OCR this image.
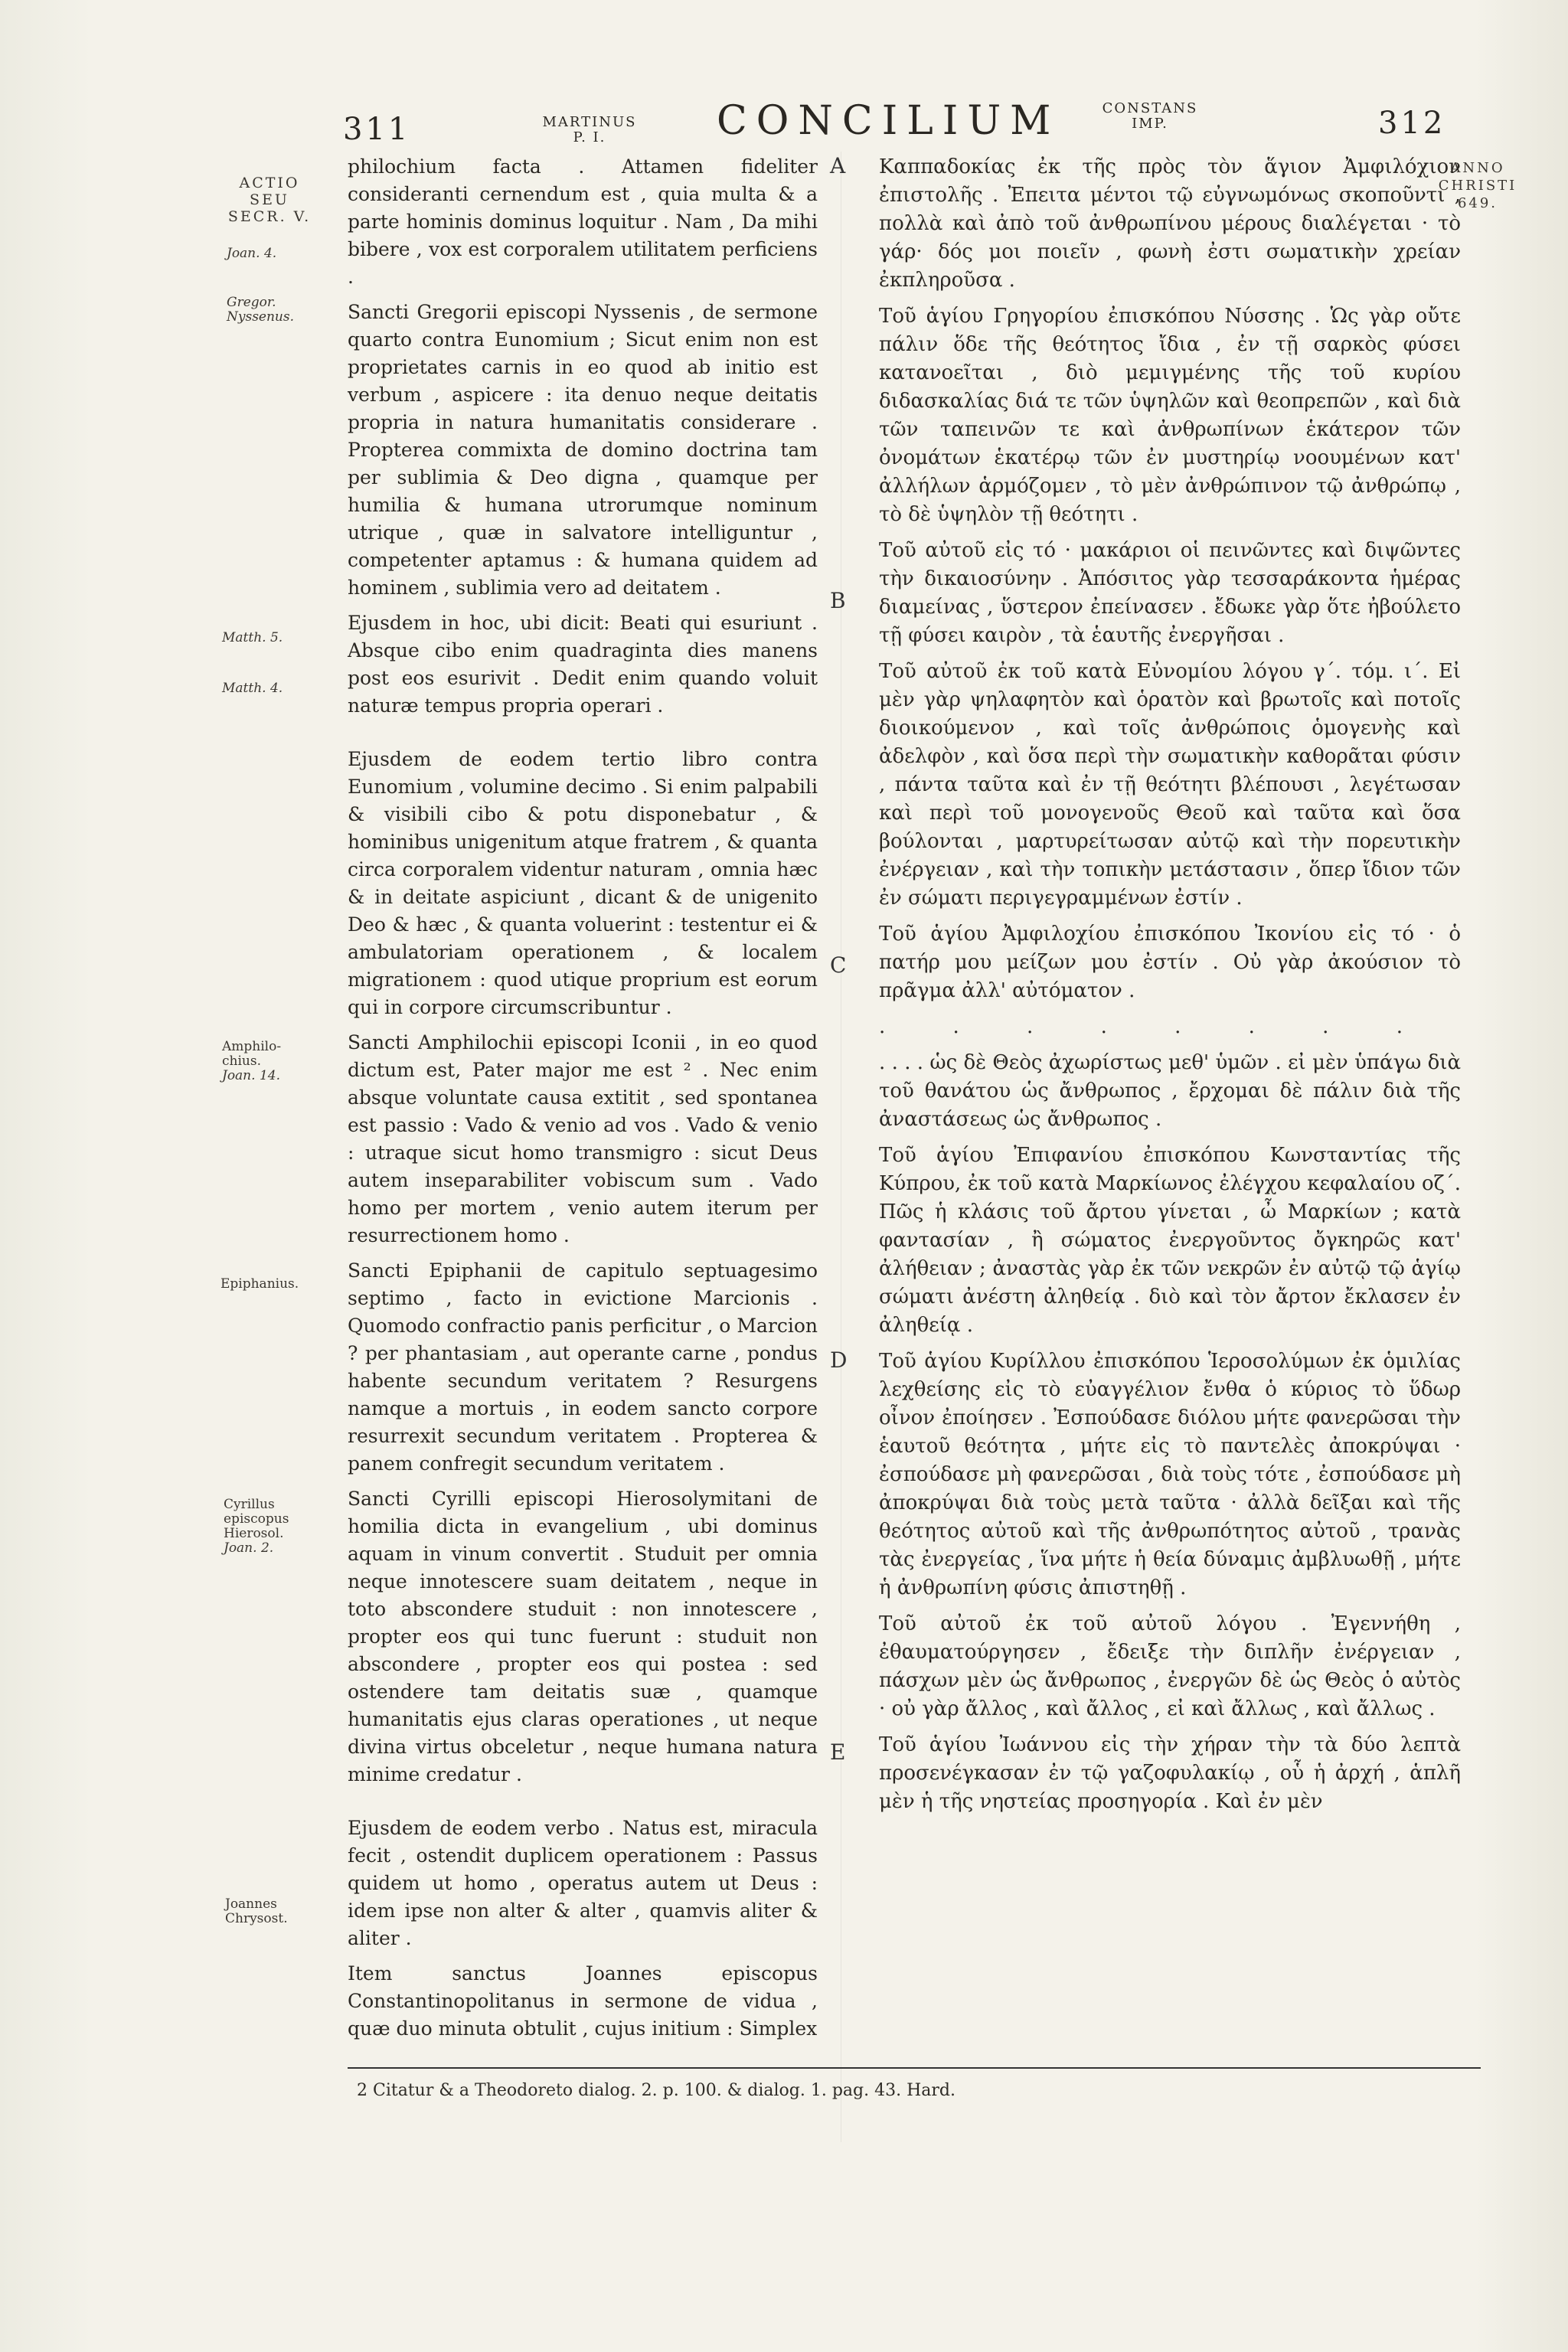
311	MARTINUS
P. I.	CONCILIUM	CONSTANS
IMP.	312
ACTIO
SEU
SECR. V.
Joan. 4.
Gregor.
Nyssenus.
Matth. 5.
Matth. 4.
Amphilo-
chius.
Joan. 14.
Epiphanius.
Cyrillus
episcopus
Hierosol.
Joan. 2.
Joannes
Chrysost.
ANNO
CHRISTI
649.
A
B
C
D
E

philochium facta . Attamen fideliter consideranti cernendum est , quia multa & a parte hominis dominus loquitur . Nam , Da mihi bibere , vox est corporalem utilitatem perficiens .

Sancti Gregorii episcopi Nyssenis , de sermone quarto contra Eunomium ; Sicut enim non est proprietates carnis in eo quod ab initio est verbum , aspicere : ita denuo neque deitatis propria in natura humanitatis considerare . Propterea commixta de domino doctrina tam per sublimia & Deo digna , quamque per humilia & humana utrorumque nominum utrique , quæ in salvatore intelliguntur , competenter aptamus : & humana quidem ad hominem , sublimia vero ad deitatem .

Ejusdem in hoc, ubi dicit: Beati qui esuriunt . Absque cibo enim quadraginta dies manens post eos esurivit . Dedit enim quando voluit naturæ tempus propria operari .

Ejusdem de eodem tertio libro contra Eunomium , volumine decimo . Si enim palpabili & visibili cibo & potu disponebatur , & hominibus unigenitum atque fratrem , & quanta circa corporalem videntur naturam , omnia hæc & in deitate aspiciunt , dicant & de unigenito Deo & hæc , & quanta voluerint : testentur ei & ambulatoriam operationem , & localem migrationem : quod utique proprium est eorum qui in corpore circumscribuntur .

Sancti Amphilochii episcopi Iconii , in eo quod dictum est, Pater major me est ² . Nec enim absque voluntate causa extitit , sed spontanea est passio : Vado & venio ad vos . Vado & venio : utraque sicut homo transmigro : sicut Deus autem inseparabiliter vobiscum sum . Vado homo per mortem , venio autem iterum per resurrectionem homo .

Sancti Epiphanii de capitulo septuagesimo septimo , facto in evictione Marcionis . Quomodo confractio panis perficitur , o Marcion ? per phantasiam , aut operante carne , pondus habente secundum veritatem ? Resurgens namque a mortuis , in eodem sancto corpore resurrexit secundum veritatem . Propterea & panem confregit secundum veritatem .

Sancti Cyrilli episcopi Hierosolymitani de homilia dicta in evangelium , ubi dominus aquam in vinum convertit . Studuit per omnia neque innotescere suam deitatem , neque in toto abscondere studuit : non innotescere , propter eos qui tunc fuerunt : studuit non abscondere , propter eos qui postea : sed ostendere tam deitatis suæ , quamque humanitatis ejus claras operationes , ut neque divina virtus obceletur , neque humana natura minime credatur .

Ejusdem de eodem verbo . Natus est, miracula fecit , ostendit duplicem operationem : Passus quidem ut homo , operatus autem ut Deus : idem ipse non alter & alter , quamvis aliter & aliter .

Item sanctus Joannes episcopus Constantinopolitanus in sermone de vidua , quæ duo minuta obtulit , cujus initium : Simplex

Καππαδοκίας ἐκ τῆς πρὸς τὸν ἅγιον Ἀμφιλόχιον ἐπιστολῆς . Ἐπειτα μέντοι τῷ εὐγνωμόνως σκοποῦντι , πολλὰ καὶ ἀπὸ τοῦ ἀνθρωπίνου μέρους διαλέγεται · τὸ γάρ· δός μοι ποιεῖν , φωνὴ ἐστι σωματικὴν χρείαν ἐκπληροῦσα .

Τοῦ ἁγίου Γρηγορίου ἐπισκόπου Νύσσης . Ὡς γὰρ οὔτε πάλιν ὅδε τῆς θεότητος ἴδια , ἐν τῇ σαρκὸς φύσει κατανοεῖται , διὸ μεμιγμένης τῆς τοῦ κυρίου διδασκαλίας διά τε τῶν ὑψηλῶν καὶ θεοπρεπῶν , καὶ διὰ τῶν ταπεινῶν τε καὶ ἀνθρωπίνων ἑκάτερον τῶν ὀνομάτων ἑκατέρῳ τῶν ἐν μυστηρίῳ νοουμένων κατ' ἀλλήλων ἁρμόζομεν , τὸ μὲν ἀνθρώπινον τῷ ἀνθρώπῳ , τὸ δὲ ὑψηλὸν τῇ θεότητι .

Τοῦ αὐτοῦ εἰς τό · μακάριοι οἱ πεινῶντες καὶ διψῶντες τὴν δικαιοσύνην . Ἀπόσιτος γὰρ τεσσαράκοντα ἡμέρας διαμείνας , ὕστερον ἐπείνασεν . ἔδωκε γὰρ ὅτε ἠβούλετο τῇ φύσει καιρὸν , τὰ ἑαυτῆς ἐνεργῆσαι .

Τοῦ αὐτοῦ ἐκ τοῦ κατὰ Εὐνομίου λόγου γ΄. τόμ. ι΄. Εἰ μὲν γὰρ ψηλαφητὸν καὶ ὁρατὸν καὶ βρωτοῖς καὶ ποτοῖς διοικούμενον , καὶ τοῖς ἀνθρώποις ὁμογενὴς καὶ ἀδελφὸν , καὶ ὅσα περὶ τὴν σωματικὴν καθορᾶται φύσιν , πάντα ταῦτα καὶ ἐν τῇ θεότητι βλέπουσι , λεγέτωσαν καὶ περὶ τοῦ μονογενοῦς Θεοῦ καὶ ταῦτα καὶ ὅσα βούλονται , μαρτυρείτωσαν αὐτῷ καὶ τὴν πορευτικὴν ἐνέργειαν , καὶ τὴν τοπικὴν μετάστασιν , ὅπερ ἴδιον τῶν ἐν σώματι περιγεγραμμένων ἐστίν .

Τοῦ ἁγίου Ἀμφιλοχίου ἐπισκόπου Ἰκονίου εἰς τό · ὁ πατήρ μου μείζων μου ἐστίν . Οὐ γὰρ ἀκούσιον τὸ πρᾶγμα ἀλλ' αὐτόματον .

. . . . . . . .

. . . . ὡς δὲ Θεὸς ἀχωρίστως μεθ' ὑμῶν . εἰ μὲν ὑπάγω διὰ τοῦ θανάτου ὡς ἄνθρωπος , ἔρχομαι δὲ πάλιν διὰ τῆς ἀναστάσεως ὡς ἄνθρωπος .

Τοῦ ἁγίου Ἐπιφανίου ἐπισκόπου Κωνσταντίας τῆς Κύπρου, ἐκ τοῦ κατὰ Μαρκίωνος ἐλέγχου κεφαλαίου οζ΄. Πῶς ἡ κλάσις τοῦ ἄρτου γίνεται , ὦ Μαρκίων ; κατὰ φαντασίαν , ἢ σώματος ἐνεργοῦντος ὄγκηρῶς κατ' ἀλήθειαν ; ἀναστὰς γὰρ ἐκ τῶν νεκρῶν ἐν αὐτῷ τῷ ἁγίῳ σώματι ἀνέστη ἀληθείᾳ . διὸ καὶ τὸν ἄρτον ἔκλασεν ἐν ἀληθείᾳ .

Τοῦ ἁγίου Κυρίλλου ἐπισκόπου Ἱεροσολύμων ἐκ ὁμιλίας λεχθείσης εἰς τὸ εὐαγγέλιον ἔνθα ὁ κύριος τὸ ὕδωρ οἶνον ἐποίησεν . Ἐσπούδασε διόλου μήτε φανερῶσαι τὴν ἑαυτοῦ θεότητα , μήτε εἰς τὸ παντελὲς ἀποκρύψαι · ἐσπούδασε μὴ φανερῶσαι , διὰ τοὺς τότε , ἐσπούδασε μὴ ἀποκρύψαι διὰ τοὺς μετὰ ταῦτα · ἀλλὰ δεῖξαι καὶ τῆς θεότητος αὐτοῦ καὶ τῆς ἀνθρωπότητος αὐτοῦ , τρανὰς τὰς ἐνεργείας , ἵνα μήτε ἡ θεία δύναμις ἀμβλυωθῇ , μήτε ἡ ἀνθρωπίνη φύσις ἀπιστηθῇ .

Τοῦ αὐτοῦ ἐκ τοῦ αὐτοῦ λόγου . Ἐγεννήθη , ἐθαυματούργησεν , ἔδειξε τὴν διπλῆν ἐνέργειαν , πάσχων μὲν ὡς ἄνθρωπος , ἐνεργῶν δὲ ὡς Θεὸς ὁ αὐτὸς · οὐ γὰρ ἄλλος , καὶ ἄλλος , εἰ καὶ ἄλλως , καὶ ἄλλως .

Τοῦ ἁγίου Ἰωάννου εἰς τὴν χήραν τὴν τὰ δύο λεπτὰ προσενέγκασαν ἐν τῷ γαζοφυλακίῳ , οὗ ἡ ἀρχή , ἁπλῆ μὲν ἡ τῆς νηστείας προσηγορία . Καὶ ἐν μὲν

2 Citatur & a Theodoreto dialog. 2. p. 100. & dialog. 1. pag. 43. Hard.
